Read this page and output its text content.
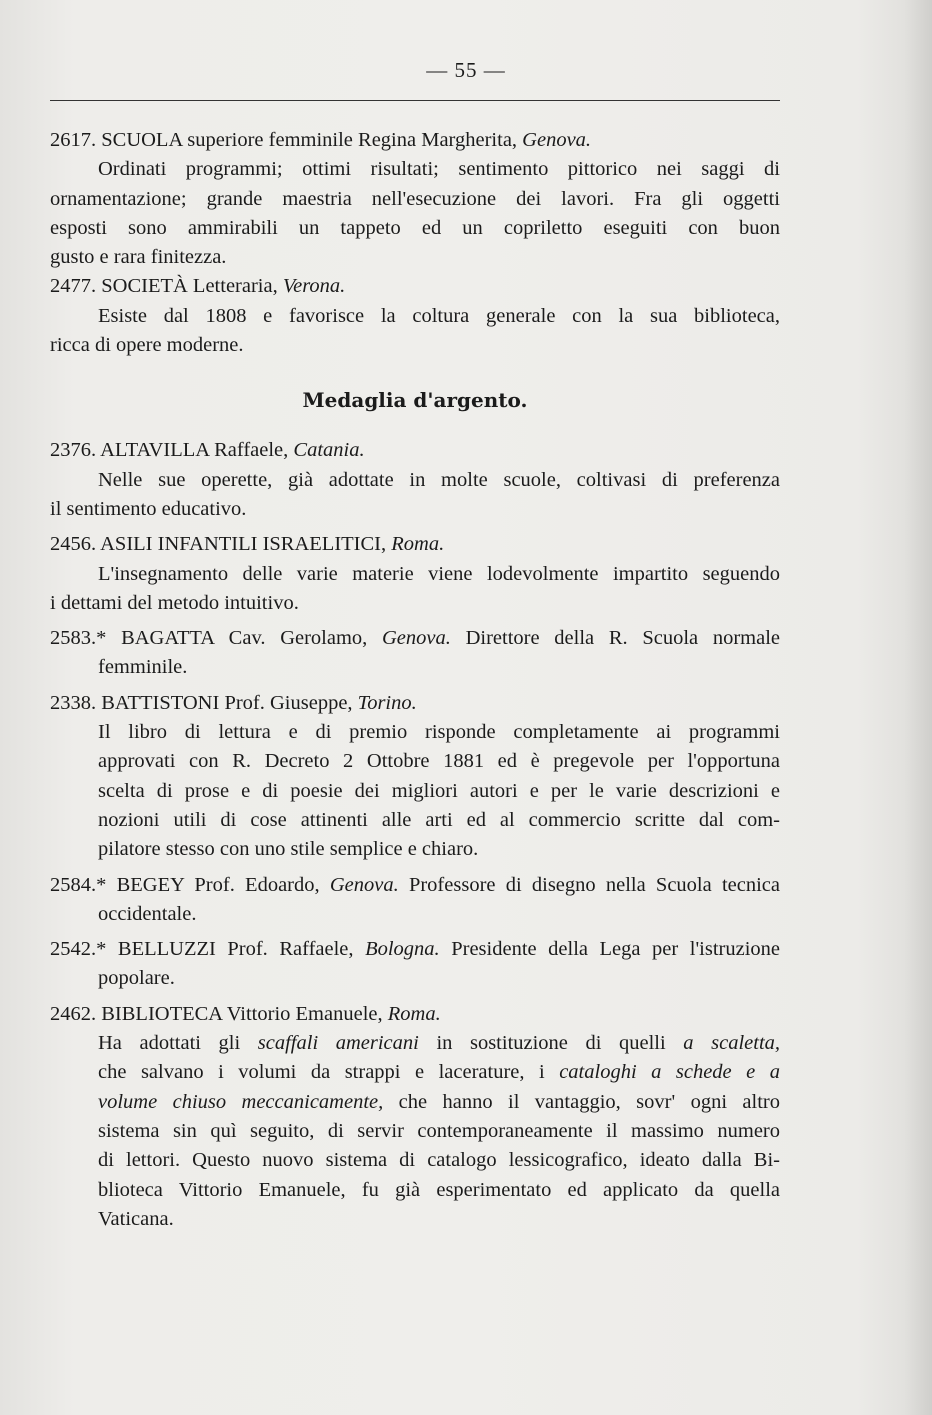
— 55 —
2617. SCUOLA superiore femminile Regina Margherita, Genova.
Ordinati programmi; ottimi risultati; sentimento pittorico nei saggi di
ornamentazione; grande maestria nell'esecuzione dei lavori. Fra gli oggetti
esposti sono ammirabili un tappeto ed un copriletto eseguiti con buon
gusto e rara finitezza.
2477. SOCIETÀ Letteraria, Verona.
Esiste dal 1808 e favorisce la coltura generale con la sua biblioteca,
ricca di opere moderne.
Medaglia d'argento.
2376. ALTAVILLA Raffaele, Catania.
Nelle sue operette, già adottate in molte scuole, coltivasi di preferenza
il sentimento educativo.
2456. ASILI INFANTILI ISRAELITICI, Roma.
L'insegnamento delle varie materie viene lodevolmente impartito seguendo
i dettami del metodo intuitivo.
2583.* BAGATTA Cav. Gerolamo, Genova. Direttore della R. Scuola normale
femminile.
2338. BATTISTONI Prof. Giuseppe, Torino.
Il libro di lettura e di premio risponde completamente ai programmi
approvati con R. Decreto 2 Ottobre 1881 ed è pregevole per l'opportuna
scelta di prose e di poesie dei migliori autori e per le varie descrizioni e
nozioni utili di cose attinenti alle arti ed al commercio scritte dal com-
pilatore stesso con uno stile semplice e chiaro.
2584.* BEGEY Prof. Edoardo, Genova. Professore di disegno nella Scuola tecnica
occidentale.
2542.* BELLUZZI Prof. Raffaele, Bologna. Presidente della Lega per l'istruzione
popolare.
2462. BIBLIOTECA Vittorio Emanuele, Roma.
Ha adottati gli scaffali americani in sostituzione di quelli a scaletta,
che salvano i volumi da strappi e lacerature, i cataloghi a schede e a
volume chiuso meccanicamente, che hanno il vantaggio, sovr' ogni altro
sistema sin quì seguito, di servir contemporaneamente il massimo numero
di lettori. Questo nuovo sistema di catalogo lessicografico, ideato dalla Bi-
blioteca Vittorio Emanuele, fu già esperimentato ed applicato da quella
Vaticana.
